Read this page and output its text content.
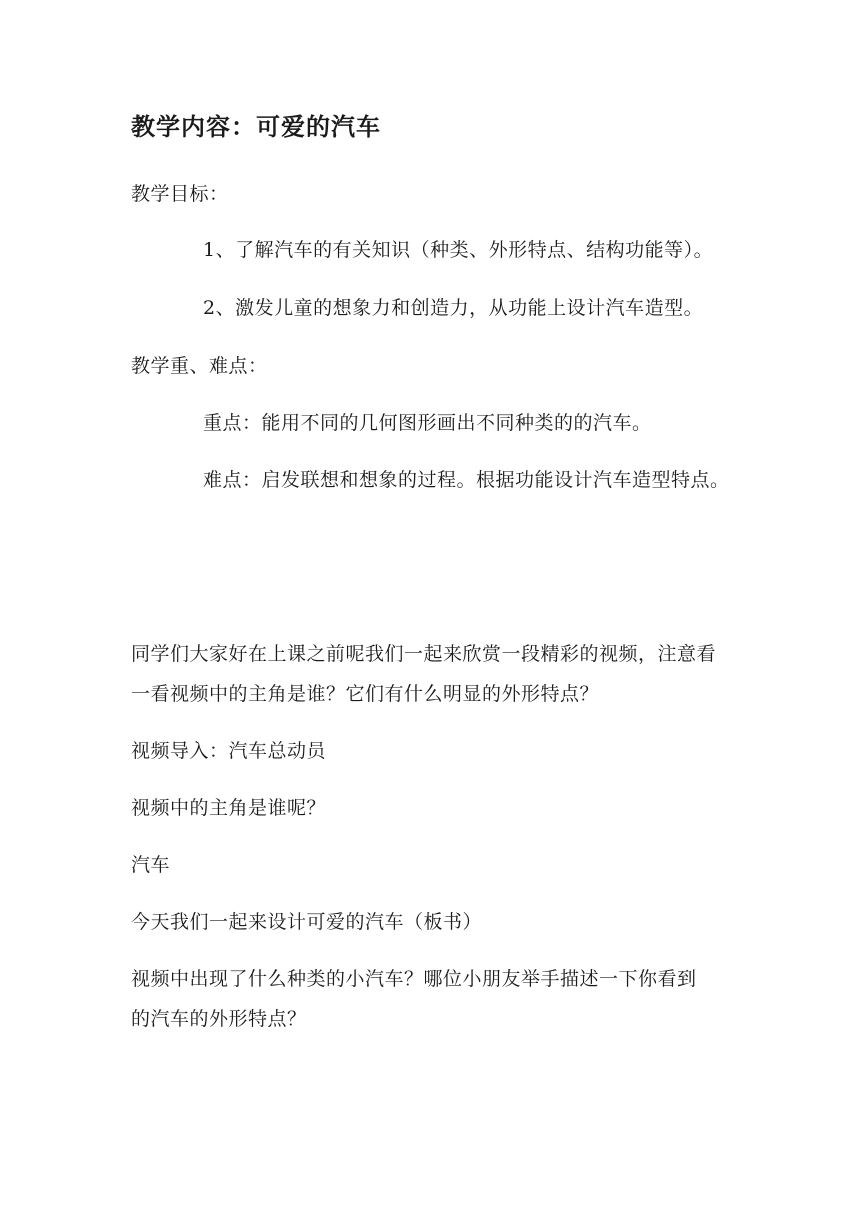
教学内容：可爱的汽车
教学目标：
1、了解汽车的有关知识（种类、外形特点、结构功能等）。
2、激发儿童的想象力和创造力，从功能上设计汽车造型。
教学重、难点：
重点：能用不同的几何图形画出不同种类的的汽车。
难点：启发联想和想象的过程。根据功能设计汽车造型特点。
同学们大家好在上课之前呢我们一起来欣赏一段精彩的视频，注意看
一看视频中的主角是谁？它们有什么明显的外形特点？
视频导入：汽车总动员
视频中的主角是谁呢？
汽车
今天我们一起来设计可爱的汽车（板书）
视频中出现了什么种类的小汽车？哪位小朋友举手描述一下你看到
的汽车的外形特点？
